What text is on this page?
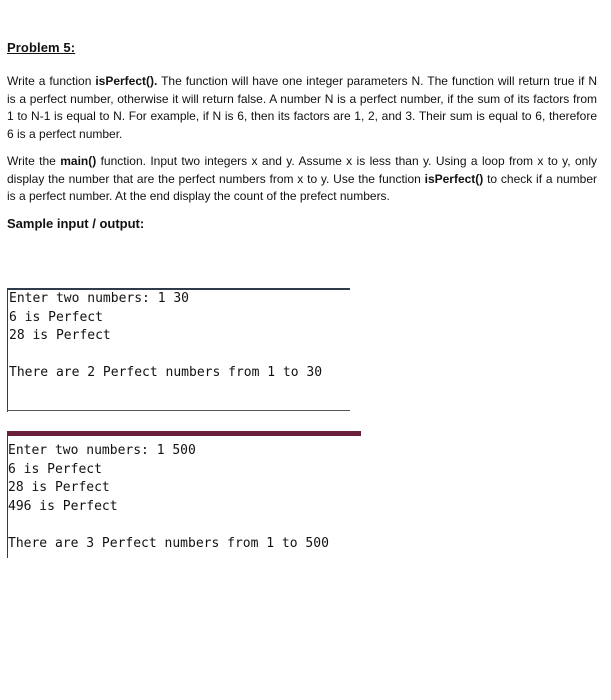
Problem 5:

Write a function isPerfect(). The function will have one integer parameters N. The function will return true if N is a perfect number, otherwise it will return false. A number N is a perfect number, if the sum of its factors from 1 to N-1 is equal to N. For example, if N is 6, then its factors are 1, 2, and 3. Their sum is equal to 6, therefore 6 is a perfect number.

Write the main() function. Input two integers x and y. Assume x is less than y. Using a loop from x to y, only display the number that are the perfect numbers from x to y. Use the function isPerfect() to check if a number is a perfect number. At the end display the count of the prefect numbers.

Sample input / output:
Enter two numbers: 1 30
6 is Perfect
28 is Perfect
There are 2 Perfect numbers from 1 to 30
Enter two numbers: 1 500
6 is Perfect
28 is Perfect
496 is Perfect
There are 3 Perfect numbers from 1 to 500
